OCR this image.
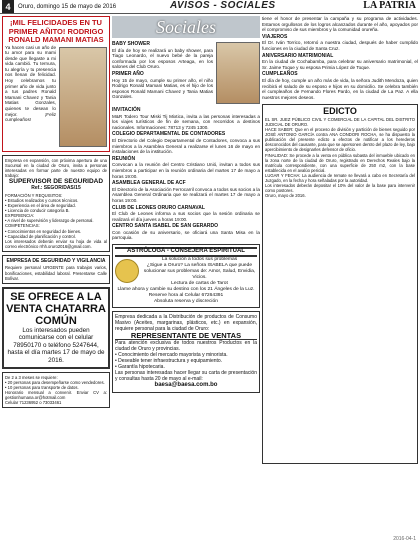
4	Oruro, domingo 15 de mayo de 2016	AVISOS - SOCIALES	LA PATRIA
¡MIL FELICIDADES EN TU PRIMER AÑITO! RODRIGO RONALD MAMANI MATIAS
Ya hacen casi un año de tu amor para su mami desde que llegaste a mi vida cambió. Tu ternura, tu alegría y tu presencia nos llenan de felicidad. Hoy celebramos tu primer año de vida junto a tus padres Ronald Mamani Chavez y Tania Matias Gonzales, quienes te desean lo mejor. ¡Feliz cumpleaños!
Empresa en expansión, con próxima apertura de una Sucursal en la ciudad de Oruro, invita a personas interesadas en formar parte de nuestro equipo de trabajo:
SUPERVISOR DE SEGURIDAD
Ref.: SEGOR/DAS/15
FORMACIÓN Y REQUISITOS:
• Estudios realizados y cursos técnicos.
• Experiencia en el área de seguridad.
• Licencia de conducir categoría B.
EXPERIENCIA:
• A nivel de supervisión y liderazgo de personal.
COMPETENCIAS:
• Conocimientos en seguridad de bienes.
• Capacidad de planificación y control.
Los interesados deberán enviar su hoja de vida al correo electrónico rrhh.oruro2016@gmail.com.
EMPRESA DE SEGURIDAD Y VIGILANCIA
Requiere personal URGENTE para trabajos varios, bonificaciones, estabilidad laboral. Presentarse Calle Bolívar.
SE OFRECE A LA VENTA CHATARRA COMÚN
Los interesados pueden comunicarse con el celular 78950170 o teléfono 5247644, hasta el día martes 17 de mayo de 2016.
De 2 a 3 meses se requiere:
• 20 personas para desempeñarse como vendedores.
• 10 personas para transporte de datos.
Honorario mensual a convenir. Enviar CV a: gestionhumana.or@hotmail.com
Celular 71236952 o 73033461
Sociales
BABY SHOWER
El día de hoy se realizará un baby shower, para Tiago Leonardo, el nuevo bebé de la pareja conformada por los esposos Arteaga, en los salones del Club Oruro.
PRIMER AÑO
Hoy 15 de mayo, cumple su primer año, el niño Rodrigo Ronald Mamani Matias, es el hijo de los esposos Ronald Mamani Chavez y Tania Matias Gonzales.
INVITACIÓN
M&R Todero Tour Miski Tij Mixtica, invita a las personas interesadas a los viajes turísticos de fin de semana, con recorridos a destinos nacionales. Informaciones: 78713 y 7245 1300.
COLEGIO DEPARTAMENTAL DE CONTADORES
El Directorio del Colegio Departamental de Contadores, convoca a sus miembros a la Asamblea General a realizarse el lunes 16 de mayo en instalaciones de la institución.
REUNIÓN
Convocan a la reunión del Centro Cristiano Unió, invitan a todos sus miembros a participar en la reunión ordinaria del martes 17 de mayo a horas 19:00.
ASAMBLEA GENERAL DE ACF
El Directorio de la Asociación Ferrocarril convoca a todos sus socios a la Asamblea General Ordinaria que se realizará el martes 17 de mayo a horas 19:00.
CLUB DE LEONES ORURO CARNAVAL
El Club de Leones informa a sus socios que la sesión ordinaria se realizará el día jueves a horas 19:00.
CENTRO SANTA ISABEL DE SAN GERARDO
Con ocasión de su aniversario, se oficiará una Santa Misa en la parroquia.
ASTRÓLOGA - CONSEJERA ESPIRITUAL
La solución a todos sus problemas
¿Sigue a Oruro? La señora ISABELA que puede solucionar sus problemas de: Amor, Salud, Envidia, Vicios.
Lectura de cartas de Tarot
Llame ahora y cambie su destino con los 21 Ángeles de la Luz.
Reserve hora al Celular 67264391
Absoluta reserva y discreción
Empresa dedicada a la Distribución de productos de Consumo Masivo (Aceites, margarinas, plásticos, etc.) en expansión, requiere personal para la ciudad de Oruro:
REPRESENTANTE DE VENTAS
Para atención exclusiva de todos nuestros Productos en la ciudad de Oruro y provincias.
• Conocimiento del mercado mayorista y minorista.
• Deseable tener infraestructura y equipamiento.
• Garantía hipotecaria.
Las personas interesadas hacer llegar su carta de presentación y consultas hasta 20 de mayo al e-mail:
baesa@baesa.com.bo
tiene el honor de presentar la campaña y su programa de actividades. Estamos orgullosos de los logros alcanzados durante el año, apoyados por el compromiso de sus miembros y la comunidad orureña.
VIAJEROS
El Dr. Iván Torrico, retornó a nuestra ciudad, después de haber cumplido funciones en la ciudad de Santa Cruz.
ANIVERSARIO MATRIMONIAL
En la ciudad de Cochabamba, para celebrar su aniversario matrimonial, el Sr. Jaime Toque y su esposa Primia López de Toque.
CUMPLEAÑOS
El día de hoy, cumple un año más de vida, la señora Judith Mendoza, quien recibirá el saludo de su esposo e hijos en su domicilio. Se celebra también el cumpleaños de Fernando Flores Pardo, en la ciudad de La Paz. A ella nuestros mejores deseos.
EDICTO
EL SR. JUEZ PÚBLICO CIVIL Y COMERCIAL DE LA CAPITAL DEL DISTRITO JUDICIAL DE ORURO.
HACE SABER: Que en el proceso de división y partición de bienes seguido por JOSÉ ANTONIO GARCÍA contra ANA CONDORI ROCHA, se ha dispuesto la publicación del presente edicto a efectos de notificar a los herederos desconocidos del causante, para que se apersonen dentro del plazo de ley, bajo apercibimiento de designarles defensor de oficio.
FINALIDAD: Se procede a la venta en pública subasta del inmueble ubicado en la zona norte de la ciudad de Oruro, registrado en Derechos Reales bajo la matrícula correspondiente, con una superficie de 250 m2, con la base establecida en el avalúo pericial.
LUGAR Y FECHA: La audiencia de remate se llevará a cabo en Secretaría del Juzgado, en la fecha y hora señaladas por la autoridad.
Los interesados deberán depositar el 10% del valor de la base para intervenir como postores.
Oruro, mayo de 2016.
2016-04-1
